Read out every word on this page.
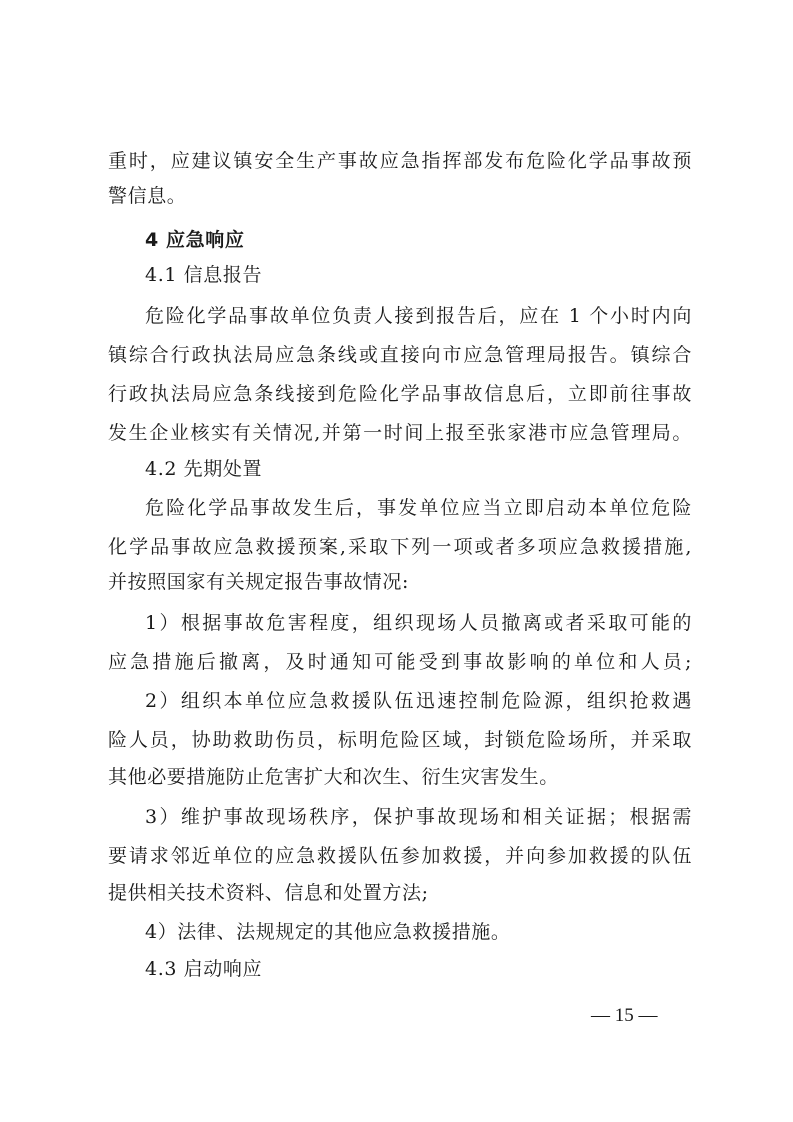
重时，应建议镇安全生产事故应急指挥部发布危险化学品事故预
警信息。
4 应急响应
4.1 信息报告
危险化学品事故单位负责人接到报告后，应在 1 个小时内向
镇综合行政执法局应急条线或直接向市应急管理局报告。镇综合
行政执法局应急条线接到危险化学品事故信息后，立即前往事故
发生企业核实有关情况,并第一时间上报至张家港市应急管理局。
4.2 先期处置
危险化学品事故发生后，事发单位应当立即启动本单位危险
化学品事故应急救援预案,采取下列一项或者多项应急救援措施,
并按照国家有关规定报告事故情况:
1）根据事故危害程度，组织现场人员撤离或者采取可能的
应急措施后撤离，及时通知可能受到事故影响的单位和人员;
2）组织本单位应急救援队伍迅速控制危险源，组织抢救遇
险人员，协助救助伤员，标明危险区域，封锁危险场所，并采取
其他必要措施防止危害扩大和次生、衍生灾害发生。
3）维护事故现场秩序，保护事故现场和相关证据；根据需
要请求邻近单位的应急救援队伍参加救援，并向参加救援的队伍
提供相关技术资料、信息和处置方法;
4）法律、法规规定的其他应急救援措施。
4.3 启动响应
— 15 —
